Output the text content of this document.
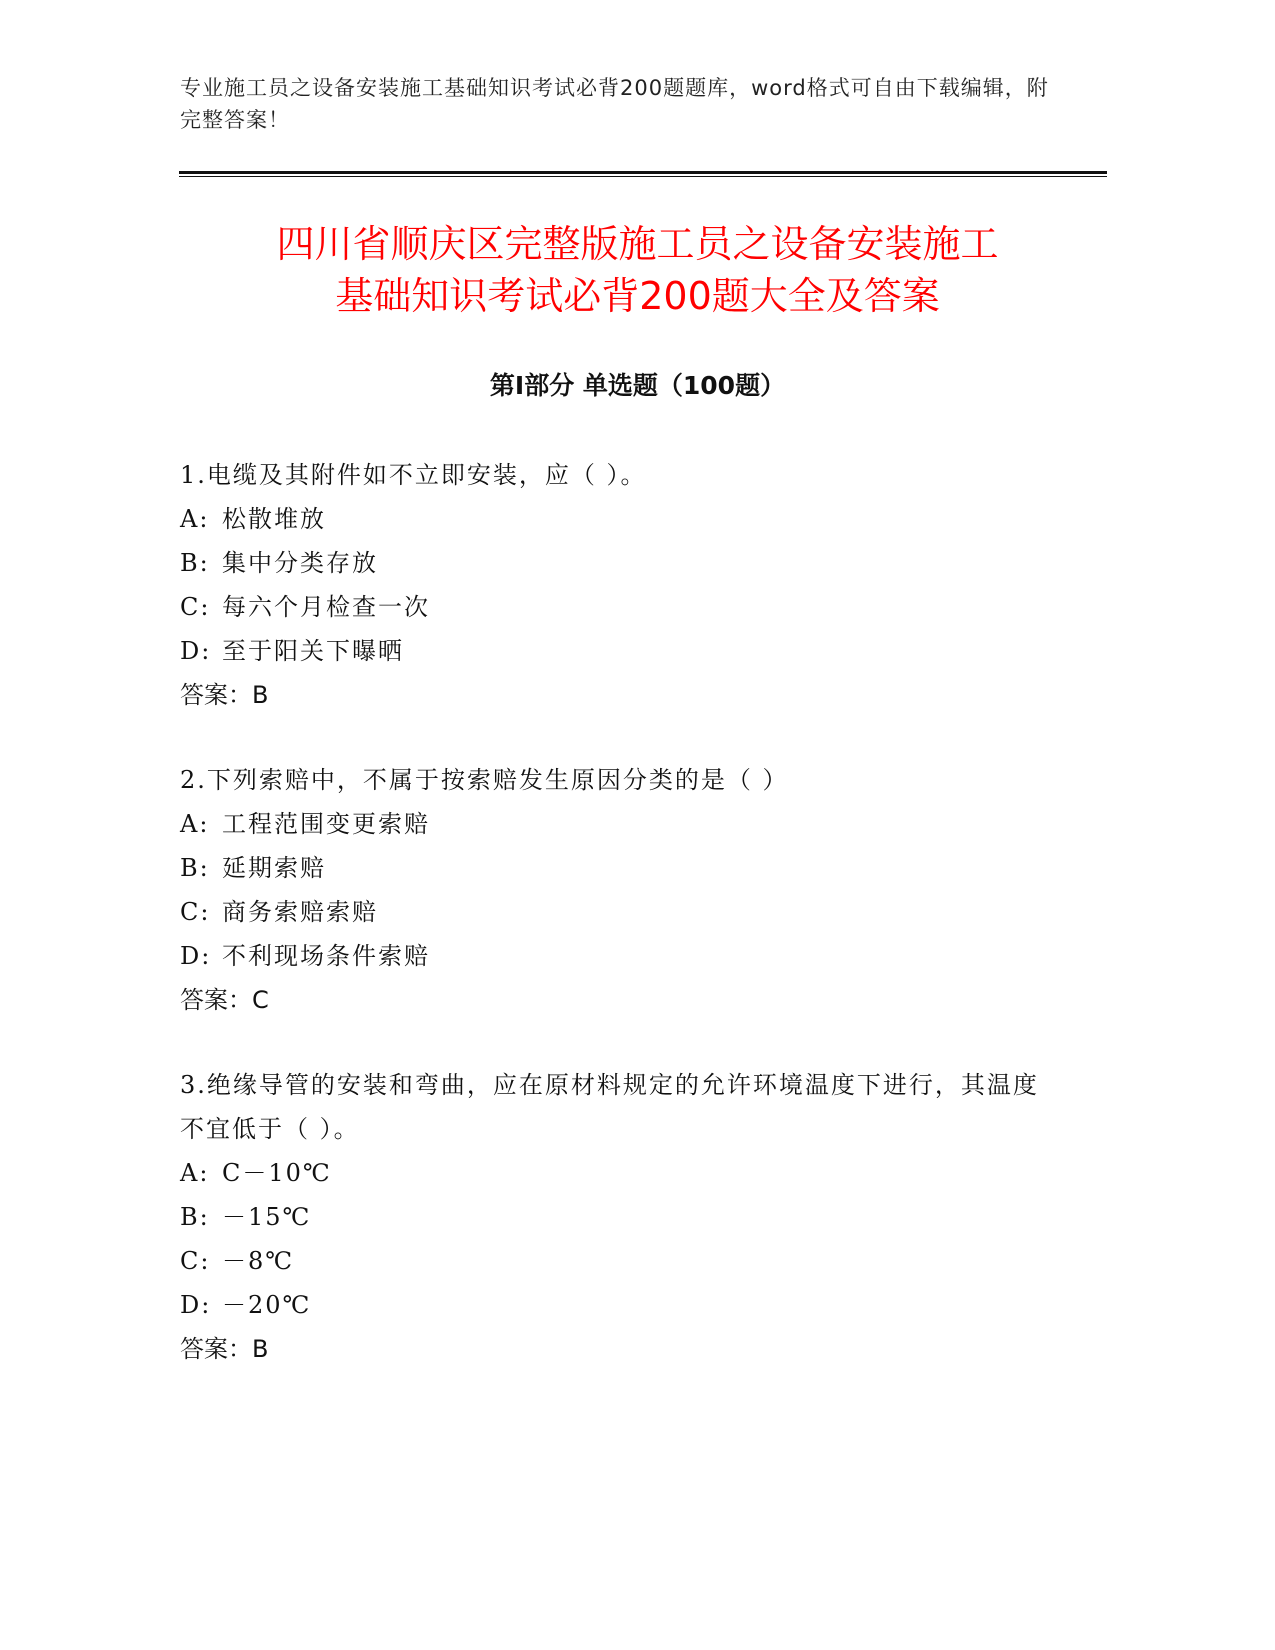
专业施工员之设备安装施工基础知识考试必背200题题库，word格式可自由下载编辑，附完整答案！
四川省顺庆区完整版施工员之设备安装施工
基础知识考试必背200题大全及答案
第Ⅰ部分 单选题（100题）

1.电缆及其附件如不立即安装，应（ ）。

A: 松散堆放

B: 集中分类存放

C: 每六个月检查一次

D: 至于阳关下曝晒

答案：B

2.下列索赔中，不属于按索赔发生原因分类的是（ ）

A: 工程范围变更索赔

B: 延期索赔

C: 商务索赔索赔

D: 不利现场条件索赔

答案：C

3.绝缘导管的安装和弯曲，应在原材料规定的允许环境温度下进行，其温度不宜低于（ ）。

A: C－10℃

B: －15℃

C: －8℃

D: －20℃

答案：B
